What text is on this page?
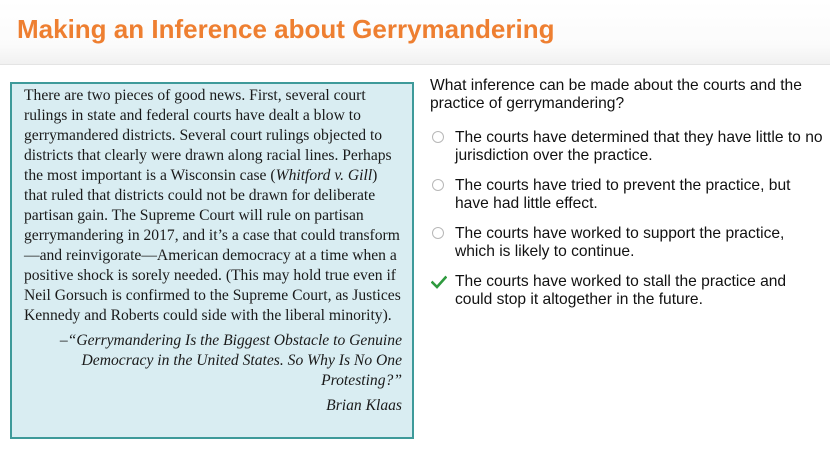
Making an Inference about Gerrymandering

There are two pieces of good news. First, several court rulings in state and federal courts have dealt a blow to gerrymandered districts. Several court rulings objected to districts that clearly were drawn along racial lines. Perhaps the most important is a Wisconsin case (Whitford v. Gill) that ruled that districts could not be drawn for deliberate partisan gain. The Supreme Court will rule on partisan gerrymandering in 2017, and it’s a case that could transform—and reinvigorate—American democracy at a time when a positive shock is sorely needed. (This may hold true even if Neil Gorsuch is confirmed to the Supreme Court, as Justices Kennedy and Roberts could side with the liberal minority).

–“Gerrymandering Is the Biggest Obstacle to Genuine Democracy in the United States. So Why Is No One Protesting?”

Brian Klaas

What inference can be made about the courts and the practice of gerrymandering?

The courts have determined that they have little to no jurisdiction over the practice.
The courts have tried to prevent the practice, but have had little effect.
The courts have worked to support the practice, which is likely to continue.
The courts have worked to stall the practice and could stop it altogether in the future.
